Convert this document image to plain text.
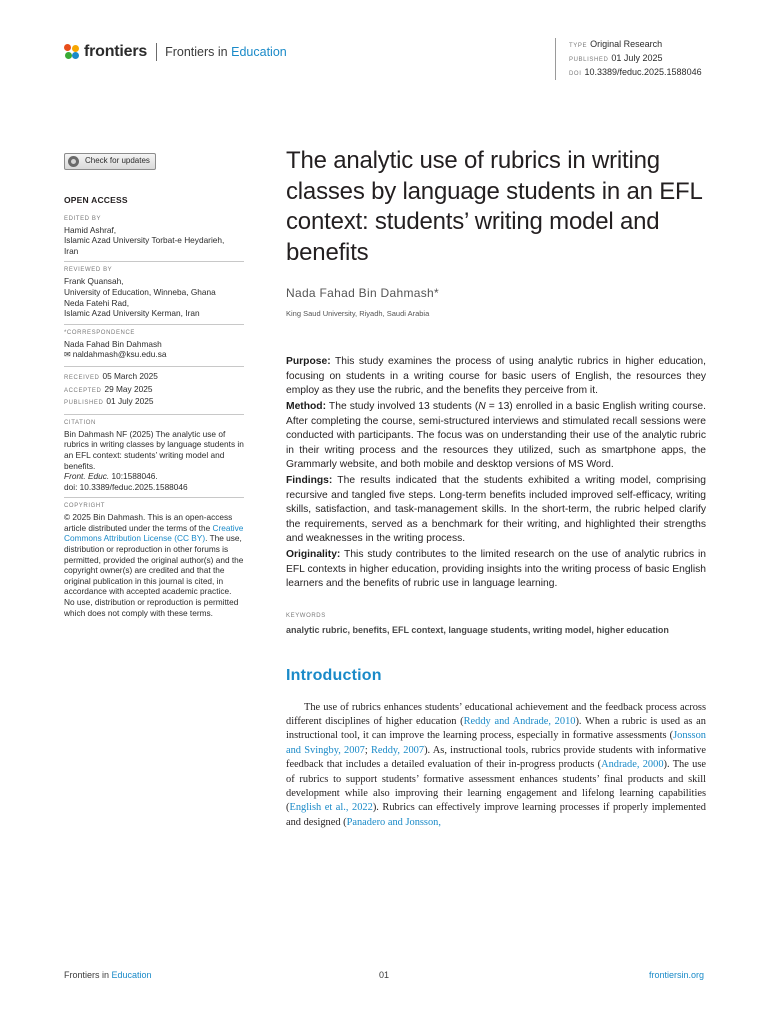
frontiers Frontiers in Education	TYPE Original Research
PUBLISHED 01 July 2025
DOI 10.3389/feduc.2025.1588046
Check for updates
OPEN ACCESS
EDITED BY
Hamid Ashraf,
Islamic Azad University Torbat-e Heydarieh,
Iran
REVIEWED BY
Frank Quansah,
University of Education, Winneba, Ghana
Neda Fatehi Rad,
Islamic Azad University Kerman, Iran
*CORRESPONDENCE
Nada Fahad Bin Dahmash
✉ naldahmash@ksu.edu.sa
RECEIVED 05 March 2025
ACCEPTED 29 May 2025
PUBLISHED 01 July 2025
CITATION
Bin Dahmash NF (2025) The analytic use of rubrics in writing classes by language students in an EFL context: students’ writing model and benefits.
Front. Educ. 10:1588046.
doi: 10.3389/feduc.2025.1588046
COPYRIGHT
© 2025 Bin Dahmash. This is an open-access article distributed under the terms of the Creative Commons Attribution License (CC BY). The use, distribution or reproduction in other forums is permitted, provided the original author(s) and the copyright owner(s) are credited and that the original publication in this journal is cited, in accordance with accepted academic practice. No use, distribution or reproduction is permitted which does not comply with these terms.
The analytic use of rubrics in writing classes by language students in an EFL context: students’ writing model and benefits
Nada Fahad Bin Dahmash*
King Saud University, Riyadh, Saudi Arabia

Purpose: This study examines the process of using analytic rubrics in higher education, focusing on students in a writing course for basic users of English, the resources they employ as they use the rubric, and the benefits they perceive from it.

Method: The study involved 13 students (N = 13) enrolled in a basic English writing course. After completing the course, semi-structured interviews and stimulated recall sessions were conducted with participants. The focus was on understanding their use of the analytic rubric in their writing process and the resources they utilized, such as smartphone apps, the Grammarly website, and both mobile and desktop versions of MS Word.

Findings: The results indicated that the students exhibited a writing model, comprising recursive and tangled five steps. Long-term benefits included improved self-efficacy, writing skills, satisfaction, and task-management skills. In the short-term, the rubric helped clarify the requirements, served as a benchmark for their writing, and highlighted their strengths and weaknesses in the writing process.

Originality: This study contributes to the limited research on the use of analytic rubrics in EFL contexts in higher education, providing insights into the writing process of basic English learners and the benefits of rubric use in language learning.

KEYWORDS
analytic rubric, benefits, EFL context, language students, writing model, higher education
Introduction

The use of rubrics enhances students’ educational achievement and the feedback process across different disciplines of higher education (Reddy and Andrade, 2010). When a rubric is used as an instructional tool, it can improve the learning process, especially in formative assessments (Jonsson and Svingby, 2007; Reddy, 2007). As, instructional tools, rubrics provide students with informative feedback that includes a detailed evaluation of their in-progress products (Andrade, 2000). The use of rubrics to support students’ formative assessment enhances students’ final products and skill development while also improving their learning engagement and lifelong learning capabilities (English et al., 2022). Rubrics can effectively improve learning processes if properly implemented and designed (Panadero and Jonsson,

Frontiers in Education	01	frontiersin.org
